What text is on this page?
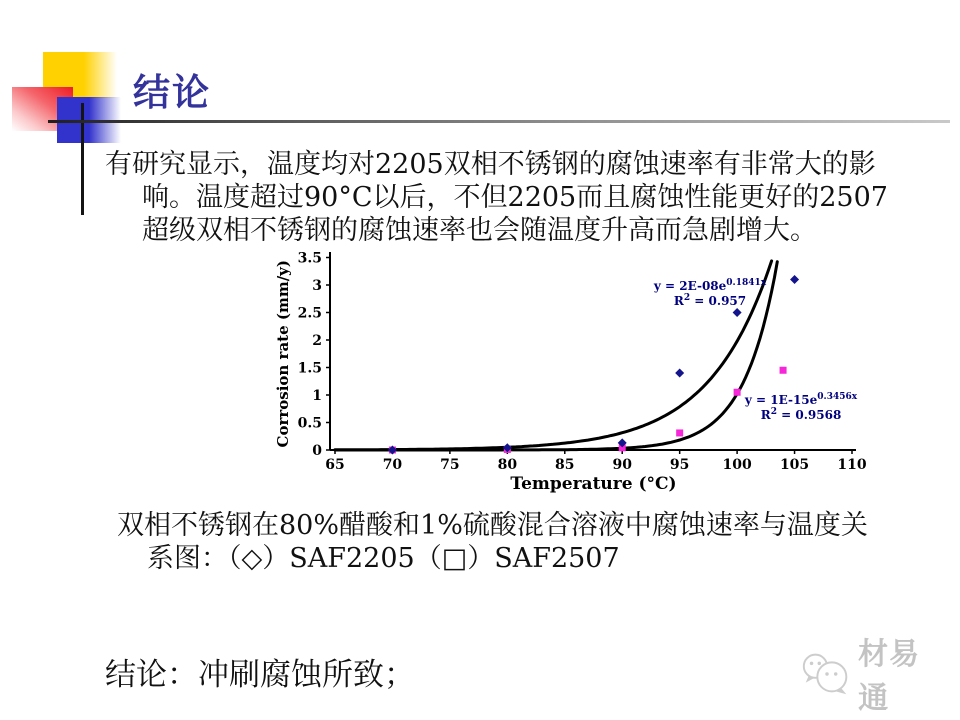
结论
有研究显示，温度均对2205双相不锈钢的腐蚀速率有非常大的影
响。温度超过90°C以后，不但2205而且腐蚀性能更好的2507
超级双相不锈钢的腐蚀速率也会随温度升高而急剧增大。
65	70	75	80	85	90	95 100 105 110
0
0.5
1
1.5
2
2.5
3
3.5
Temperature (°C)
Corrosion rate (mm/y)	$y = 2E-08e^{0.1841x}$
$R^2 = 0.957$
$y = 1E-15e^{0.3456x}$
$R^2 = 0.9568$
双相不锈钢在80%醋酸和1%硫酸混合溶液中腐蚀速率与温度关
系图：（◇）SAF2205（□）SAF2507
结论：冲刷腐蚀所致；
材易通
